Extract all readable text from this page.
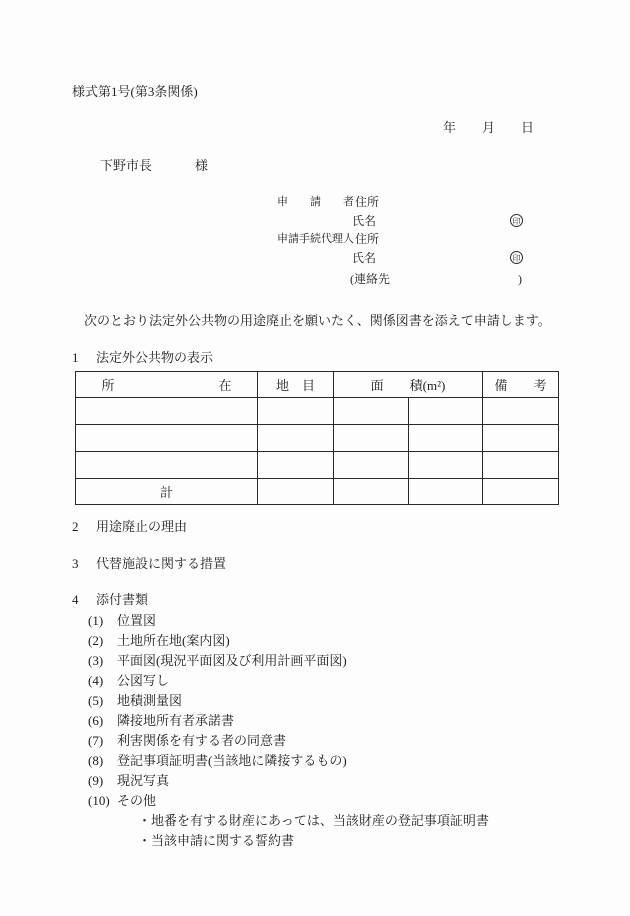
様式第1号(第3条関係)
年　　月　　日
下野市長	様
申　　請　　者 住所
氏名
申請手続代理人 住所
氏名
印
印
(連絡先	)
次のとおり法定外公共物の用途廃止を願いたく、関係図書を添えて申請します。
1 法定外公共物の表示
所　　　　　　　　在	地　目	面　　積(m²)		備　　考

計				
2 用途廃止の理由
3 代替施設に関する措置
4 添付書類
(1) 位置図
(2) 土地所在地(案内図)
(3) 平面図(現況平面図及び利用計画平面図)
(4) 公図写し
(5) 地積測量図
(6) 隣接地所有者承諾書
(7) 利害関係を有する者の同意書
(8) 登記事項証明書(当該地に隣接するもの)
(9) 現況写真
(10) その他
・地番を有する財産にあっては、当該財産の登記事項証明書
・当該申請に関する誓約書
